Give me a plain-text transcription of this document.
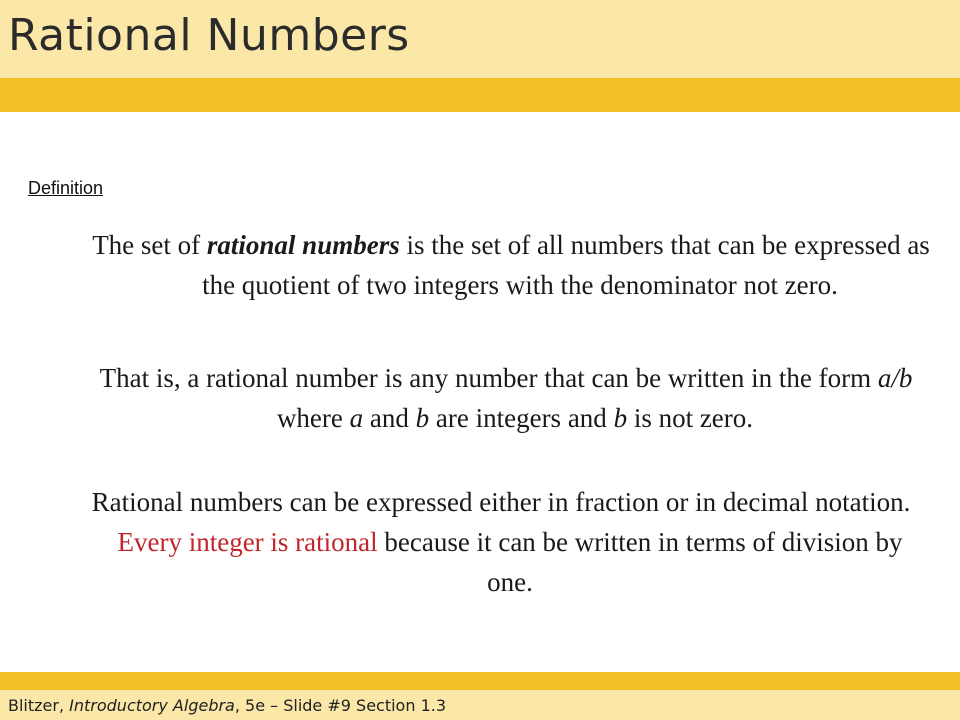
Rational Numbers
Definition
The set of rational numbers is the set of all numbers that can be expressed as the quotient of two integers with the denominator not zero.
That is, a rational number is any number that can be written in the form a/b where a and b are integers and b is not zero.
Rational numbers can be expressed either in fraction or in decimal notation. Every integer is rational because it can be written in terms of division by one.
Blitzer, Introductory Algebra, 5e – Slide #9 Section 1.3
